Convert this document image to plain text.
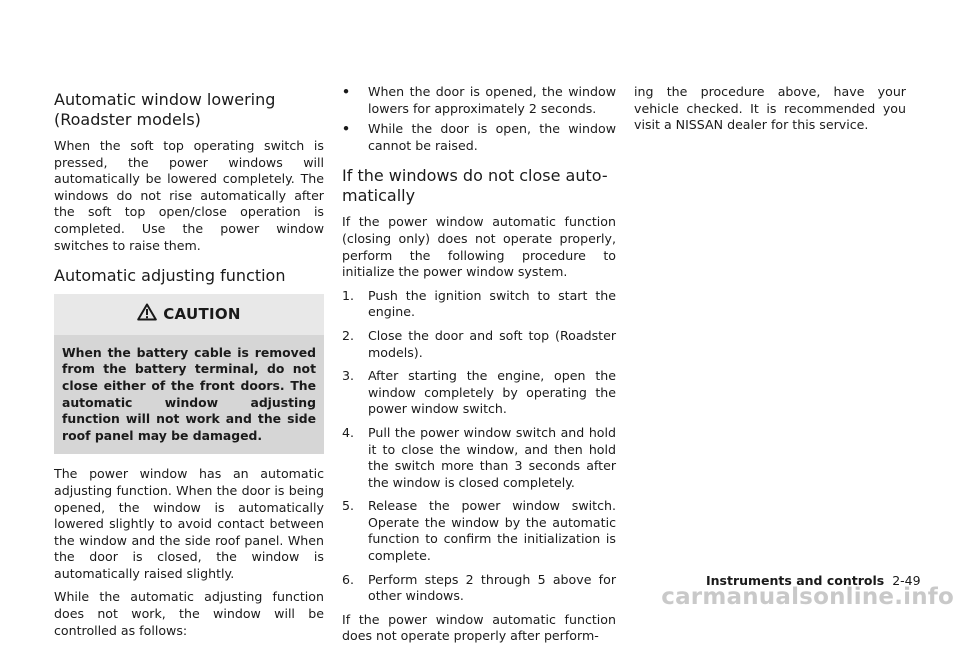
Automatic window lowering
(Roadster models)

When the soft top operating switch is pressed, the power windows will automatically be lowered completely. The windows do not rise automatically after the soft top open/close operation is completed. Use the power window switches to raise them.

Automatic adjusting function
CAUTION

When the battery cable is removed from the battery terminal, do not close either of the front doors. The automatic window adjusting function will not work and the side roof panel may be damaged.

The power window has an automatic adjusting function. When the door is being opened, the window is automatically lowered slightly to avoid contact between the window and the side roof panel. When the door is closed, the window is automatically raised slightly.

While the automatic adjusting function does not work, the window will be controlled as follows:

• When the door is opened, the window lowers for approximately 2 seconds.
• While the door is open, the window cannot be raised.
If the windows do not close auto-
matically

If the power window automatic function (closing only) does not operate properly, perform the following procedure to initialize the power window system.

1. Push the ignition switch to start the engine.
2. Close the door and soft top (Roadster models).
3. After starting the engine, open the window completely by operating the power window switch.
4. Pull the power window switch and hold it to close the window, and then hold the switch more than 3 seconds after the window is closed completely.
5. Release the power window switch. Operate the window by the automatic function to confirm the initialization is complete.
6. Perform steps 2 through 5 above for other windows.

If the power window automatic function does not operate properly after perform-

ing the procedure above, have your vehicle checked. It is recommended you visit a NISSAN dealer for this service.

Instruments and controls 2-49
carmanualsonline.info
